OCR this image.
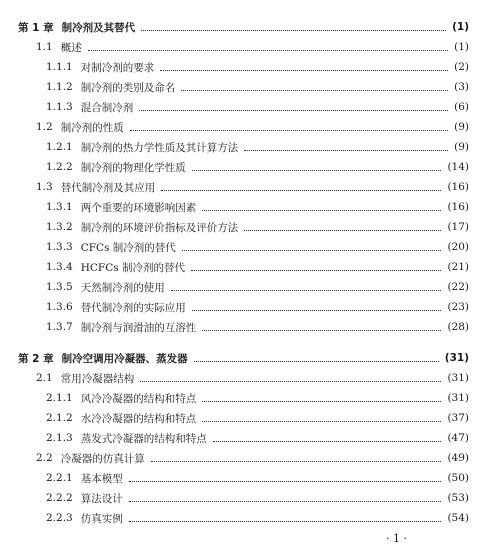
第 1 章 制冷剂及其替代	(1)
1.1 概述	(1)
1.1.1 对制冷剂的要求	(2)
1.1.2 制冷剂的类别及命名	(3)
1.1.3 混合制冷剂	(6)
1.2 制冷剂的性质	(9)
1.2.1 制冷剂的热力学性质及其计算方法	(9)
1.2.2 制冷剂的物理化学性质	(14)
1.3 替代制冷剂及其应用	(16)
1.3.1 两个重要的环境影响因素	(16)
1.3.2 制冷剂的环境评价指标及评价方法	(17)
1.3.3 CFCs 制冷剂的替代	(20)
1.3.4 HCFCs 制冷剂的替代	(21)
1.3.5 天然制冷剂的使用	(22)
1.3.6 替代制冷剂的实际应用	(23)
1.3.7 制冷剂与润滑油的互溶性	(28)
第 2 章 制冷空调用冷凝器、蒸发器	(31)
2.1 常用冷凝器结构	(31)
2.1.1 风冷冷凝器的结构和特点	(31)
2.1.2 水冷冷凝器的结构和特点	(37)
2.1.3 蒸发式冷凝器的结构和特点	(47)
2.2 冷凝器的仿真计算	(49)
2.2.1 基本模型	(50)
2.2.2 算法设计	(53)
2.2.3 仿真实例	(54)
· 1 ·
